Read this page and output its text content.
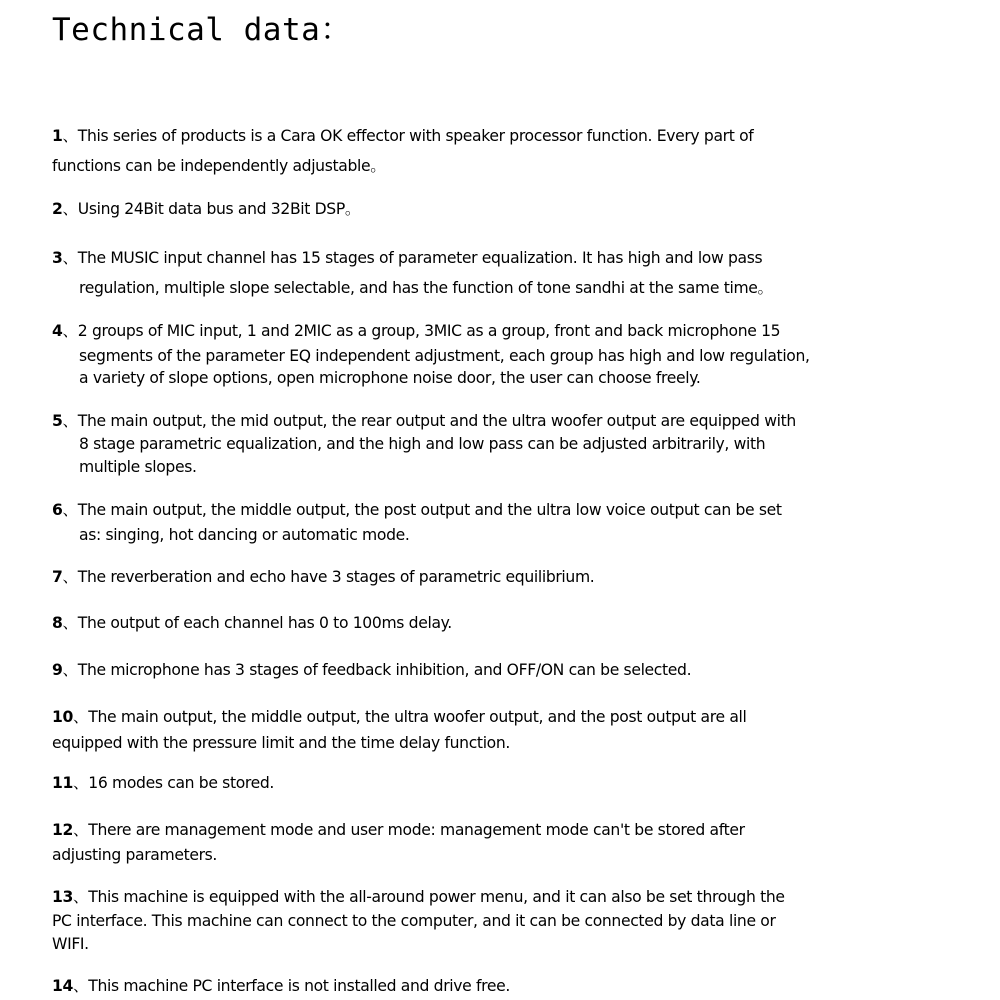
Technical data：

1、This series of products is a Cara OK effector with speaker processor function. Every part of
functions can be independently adjustable。

2、Using 24Bit data bus and 32Bit DSP。

3、The MUSIC input channel has 15 stages of parameter equalization. It has high and low pass
regulation, multiple slope selectable, and has the function of tone sandhi at the same time。

4、2 groups of MIC input, 1 and 2MIC as a group, 3MIC as a group, front and back microphone 15
segments of the parameter EQ independent adjustment, each group has high and low regulation,
a variety of slope options, open microphone noise door, the user can choose freely.

5、The main output, the mid output, the rear output and the ultra woofer output are equipped with
8 stage parametric equalization, and the high and low pass can be adjusted arbitrarily, with
multiple slopes.

6、The main output, the middle output, the post output and the ultra low voice output can be set
as: singing, hot dancing or automatic mode.

7、The reverberation and echo have 3 stages of parametric equilibrium.

8、The output of each channel has 0 to 100ms delay.

9、The microphone has 3 stages of feedback inhibition, and OFF/ON can be selected.

10、The main output, the middle output, the ultra woofer output, and the post output are all
equipped with the pressure limit and the time delay function.

11、16 modes can be stored.

12、There are management mode and user mode: management mode can't be stored after
adjusting parameters.

13、This machine is equipped with the all-around power menu, and it can also be set through the
PC interface. This machine can connect to the computer, and it can be connected by data line or
WIFI.

14、This machine PC interface is not installed and drive free.
